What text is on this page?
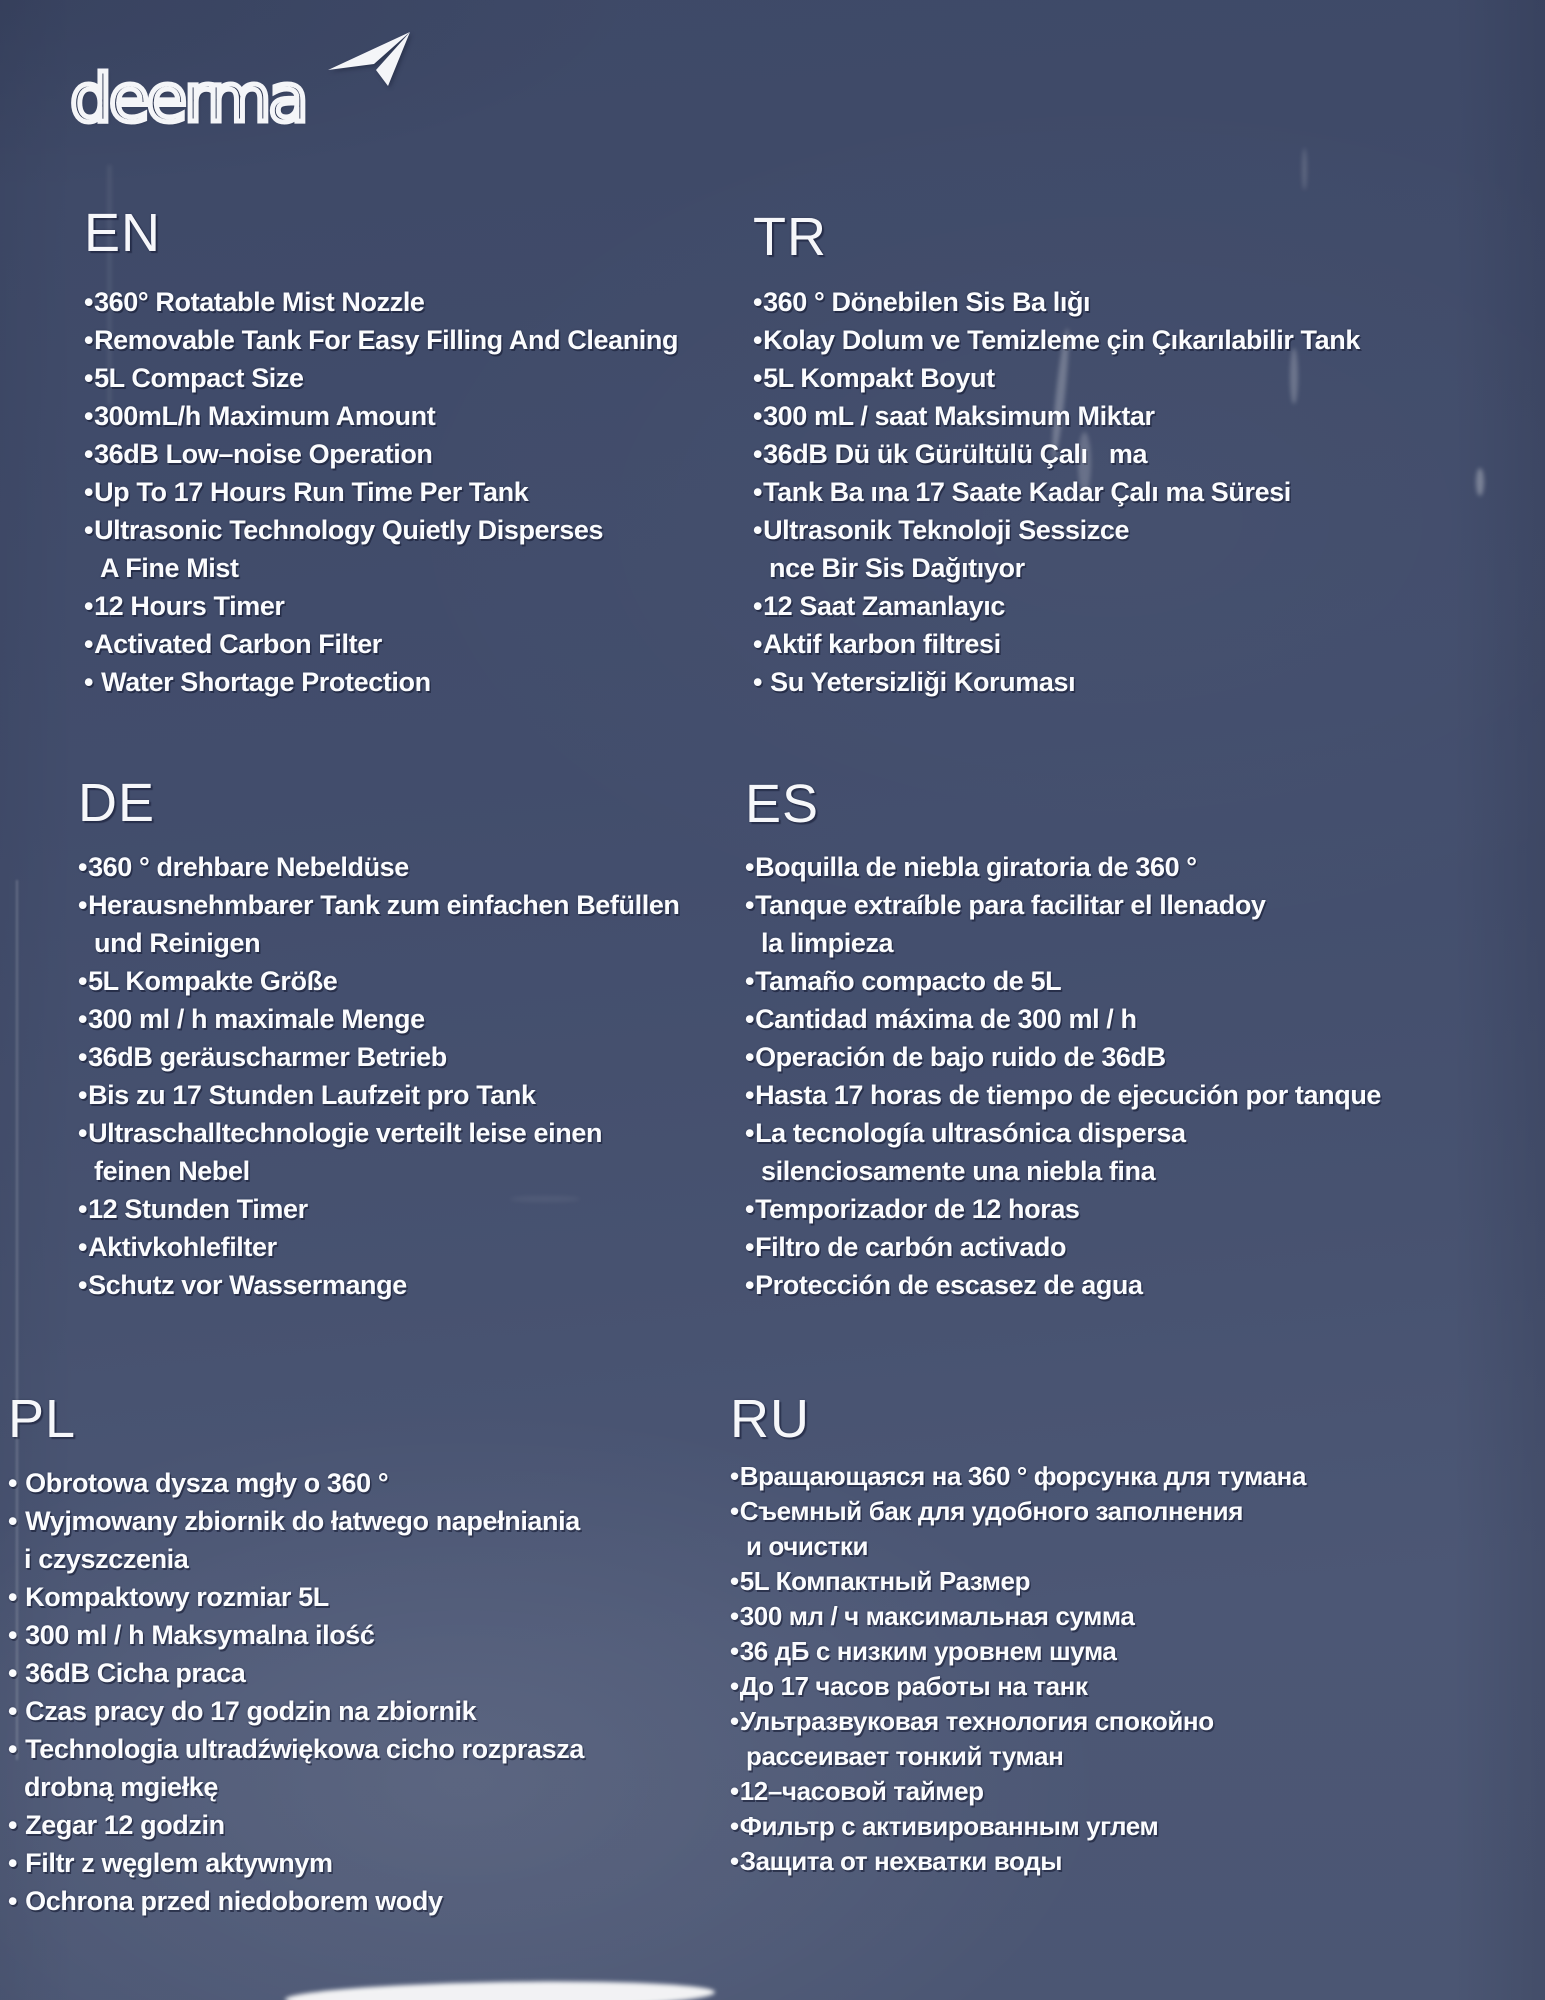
deerma
EN
•360° Rotatable Mist Nozzle
•Removable Tank For Easy Filling And Cleaning
•5L Compact Size
•300mL/h Maximum Amount
•36dB Low–noise Operation
•Up To 17 Hours Run Time Per Tank
•Ultrasonic Technology Quietly Disperses
A Fine Mist
•12 Hours Timer
•Activated Carbon Filter
• Water Shortage Protection
TR
•360 ° Dönebilen Sis Ba lığı
•Kolay Dolum ve Temizleme çin Çıkarılabilir Tank
•5L Kompakt Boyut
•300 mL / saat Maksimum Miktar
•36dB Dü ük Gürültülü Çalı   ma
•Tank Ba ına 17 Saate Kadar Çalı ma Süresi
•Ultrasonik Teknoloji Sessizce
nce Bir Sis Dağıtıyor
•12 Saat Zamanlayıc
•Aktif karbon filtresi
• Su Yetersizliği Koruması
DE
•360 ° drehbare Nebeldüse
•Herausnehmbarer Tank zum einfachen Befüllen
und Reinigen
•5L Kompakte Größe
•300 ml / h maximale Menge
•36dB geräuscharmer Betrieb
•Bis zu 17 Stunden Laufzeit pro Tank
•Ultraschalltechnologie verteilt leise einen
feinen Nebel
•12 Stunden Timer
•Aktivkohlefilter
•Schutz vor Wassermange
ES
•Boquilla de niebla giratoria de 360 °
•Tanque extraíble para facilitar el llenadoy
la limpieza
•Tamaño compacto de 5L
•Cantidad máxima de 300 ml / h
•Operación de bajo ruido de 36dB
•Hasta 17 horas de tiempo de ejecución por tanque
•La tecnología ultrasónica dispersa
silenciosamente una niebla fina
•Temporizador de 12 horas
•Filtro de carbón activado
•Protección de escasez de agua
PL
• Obrotowa dysza mgły o 360 °
• Wyjmowany zbiornik do łatwego napełniania
i czyszczenia
• Kompaktowy rozmiar 5L
• 300 ml / h Maksymalna ilość
• 36dB Cicha praca
• Czas pracy do 17 godzin na zbiornik
• Technologia ultradźwiękowa cicho rozprasza
drobną mgiełkę
• Zegar 12 godzin
• Filtr z węglem aktywnym
• Ochrona przed niedoborem wody
RU
•Вращающаяся на 360 ° форсунка для тумана
•Съемный бак для удобного заполнения
и очистки
•5L Компактный Размер
•300 мл / ч максимальная сумма
•36 дБ с низким уровнем шума
•До 17 часов работы на танк
•Ультразвуковая технология спокойно
рассеивает тонкий туман
•12–часовой таймер
•Фильтр с активированным углем
•Защита от нехватки воды
